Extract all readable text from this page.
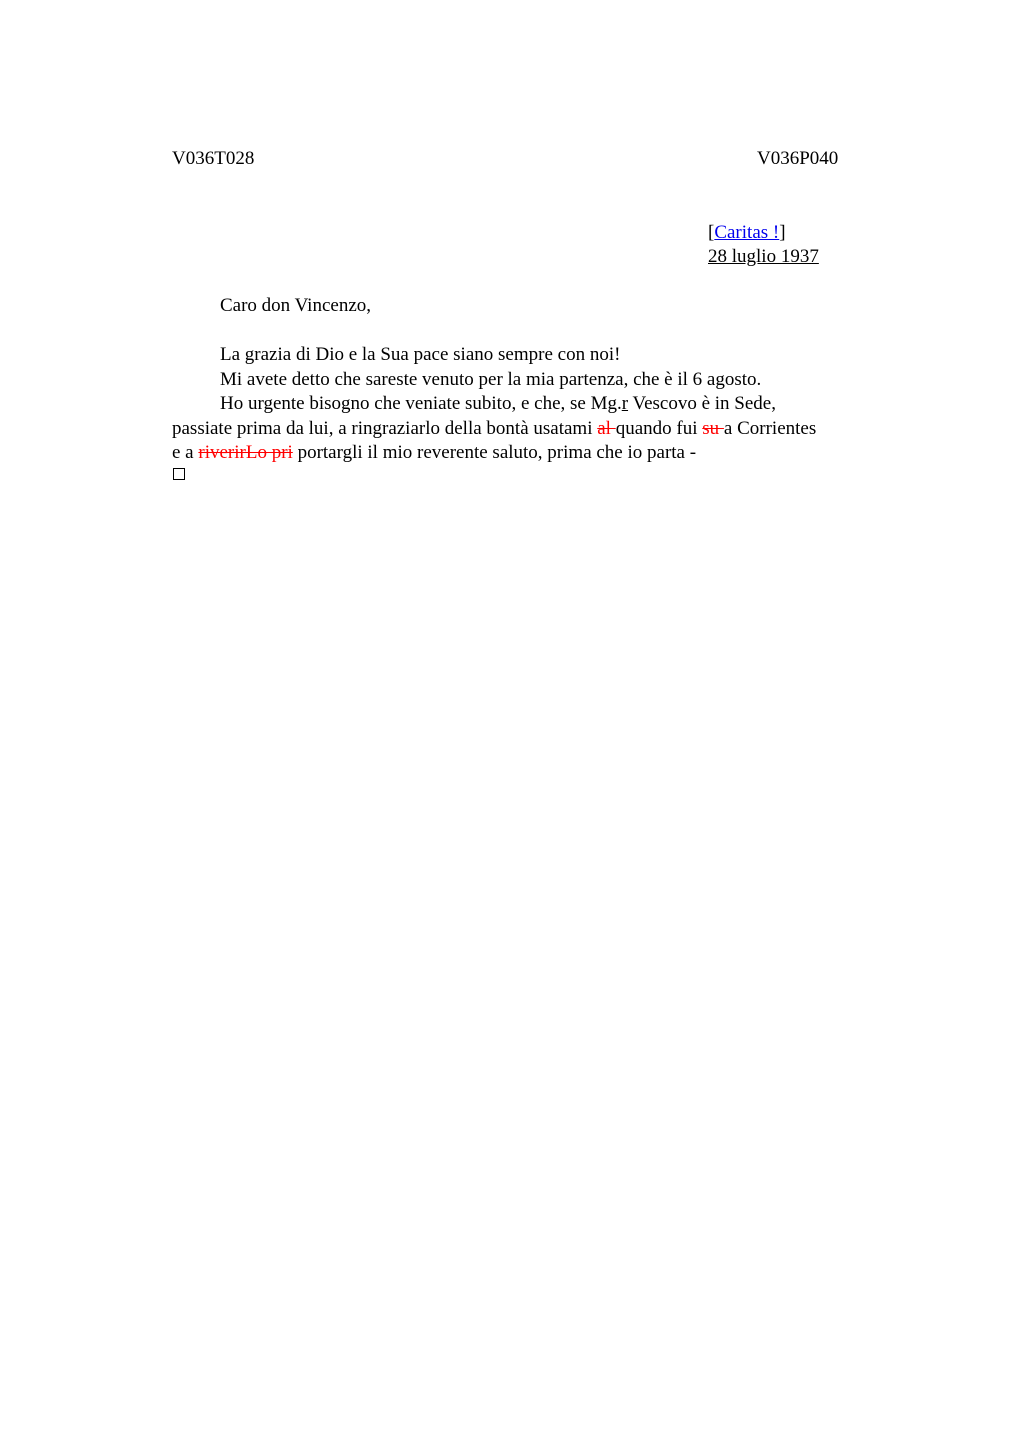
V036T028	V036P040
[Caritas !]
28 luglio 1937

Caro don Vincenzo,

La grazia di Dio e la Sua pace siano sempre con noi!

Mi avete detto che sareste venuto per la mia partenza, che è il 6 agosto.

Ho urgente bisogno che veniate subito, e che, se Mg.r Vescovo è in Sede,

passiate prima da lui, a ringraziarlo della bontà usatami al quando fui su a Corrientes

e a riverirLo pri portargli il mio reverente saluto, prima che io parta -
